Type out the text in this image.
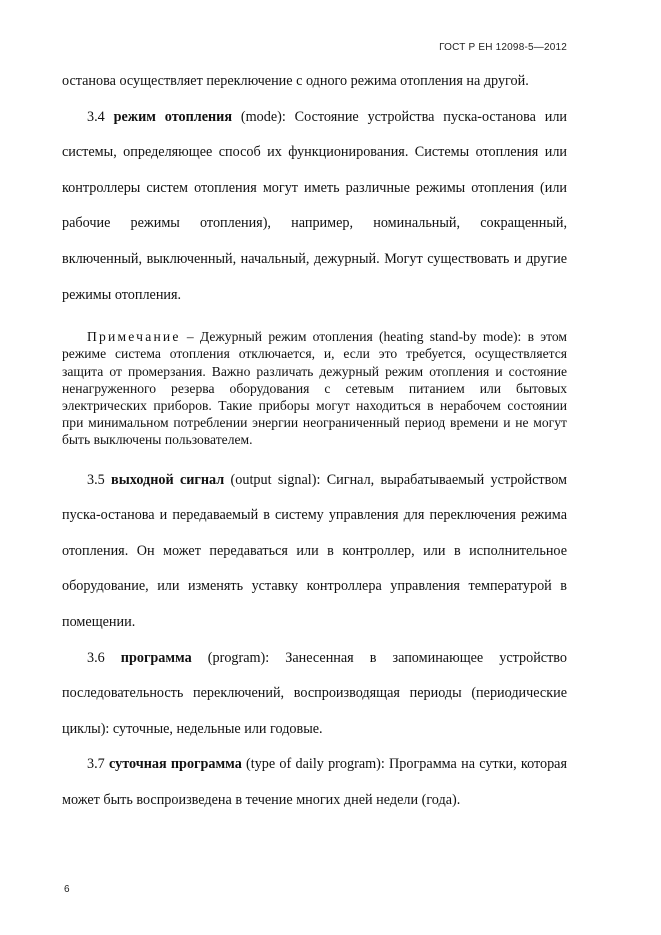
ГОСТ Р ЕН 12098-5—2012

останова осуществляет переключение с одного режима отопления на другой.

3.4 режим отопления (mode): Состояние устройства пуска-останова или системы, определяющее способ их функционирования. Системы отопления или контроллеры систем отопления могут иметь различные режимы отопления (или рабочие режимы отопления), например, номинальный, сокращенный, включенный, выключенный, начальный, дежурный. Могут существовать и другие режимы отопления.

Примечание – Дежурный режим отопления (heating stand-by mode): в этом режиме система отопления отключается, и, если это требуется, осуществляется защита от промерзания. Важно различать дежурный режим отопления и состояние ненагруженного резерва оборудования с сетевым питанием или бытовых электрических приборов. Такие приборы могут находиться в нерабочем состоянии при минимальном потреблении энергии неограниченный период времени и не могут быть выключены пользователем.

3.5 выходной сигнал (output signal): Сигнал, вырабатываемый устройством пуска-останова и передаваемый в систему управления для переключения режима отопления. Он может передаваться или в контроллер, или в исполнительное оборудование, или изменять уставку контроллера управления температурой в помещении.

3.6 программа (program): Занесенная в запоминающее устройство последовательность переключений, воспроизводящая периоды (периодические циклы): суточные, недельные или годовые.

3.7 суточная программа (type of daily program): Программа на сутки, которая может быть воспроизведена в течение многих дней недели (года).

6
